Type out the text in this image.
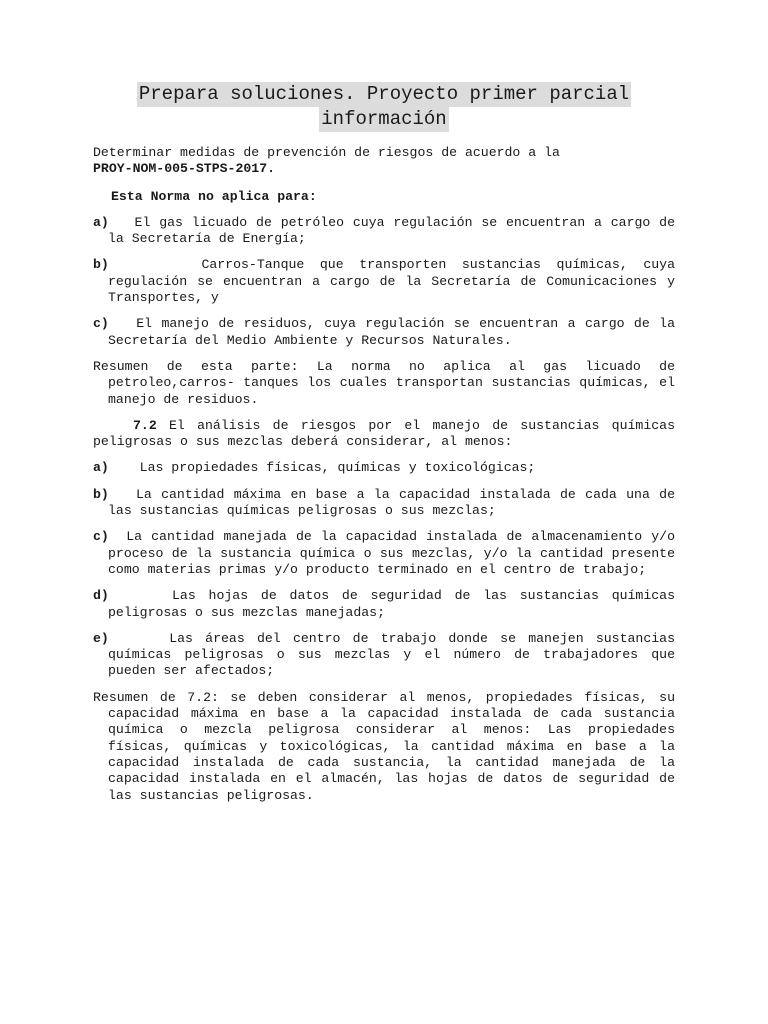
Prepara soluciones. Proyecto primer parcial
información

Determinar medidas de prevención de riesgos de acuerdo a la
PROY-NOM-005-STPS-2017.

Esta Norma no aplica para:
a) El gas licuado de petróleo cuya regulación se encuentran a cargo de la Secretaría de Energía;
b)	Carros-Tanque que transporten sustancias químicas, cuya regulación se encuentran a cargo de la Secretaría de Comunicaciones y Transportes, y
c) El manejo de residuos, cuya regulación se encuentran a cargo de la Secretaría del Medio Ambiente y Recursos Naturales.
Resumen de esta parte: La norma no aplica al gas licuado de petroleo,carros- tanques los cuales transportan sustancias químicas, el manejo de residuos.
7.2 El análisis de riesgos por el manejo de sustancias químicas peligrosas o sus mezclas deberá considerar, al menos:
a) Las propiedades físicas, químicas y toxicológicas;
b) La cantidad máxima en base a la capacidad instalada de cada una de las sustancias químicas peligrosas o sus mezclas;
c) La cantidad manejada de la capacidad instalada de almacenamiento y/o proceso de la sustancia química o sus mezclas, y/o la cantidad presente como materias primas y/o producto terminado en el centro de trabajo;
d)	Las hojas de datos de seguridad de las sustancias químicas peligrosas o sus mezclas manejadas;
e)	Las áreas del centro de trabajo donde se manejen sustancias químicas peligrosas o sus mezclas y el número de trabajadores que pueden ser afectados;
Resumen de 7.2: se deben considerar al menos, propiedades físicas, su capacidad máxima en base a la capacidad instalada de cada sustancia química o mezcla peligrosa considerar al menos: Las propiedades físicas, químicas y toxicológicas, la cantidad máxima en base a la capacidad instalada de cada sustancia, la cantidad manejada de la capacidad instalada en el almacén, las hojas de datos de seguridad de las sustancias peligrosas.
